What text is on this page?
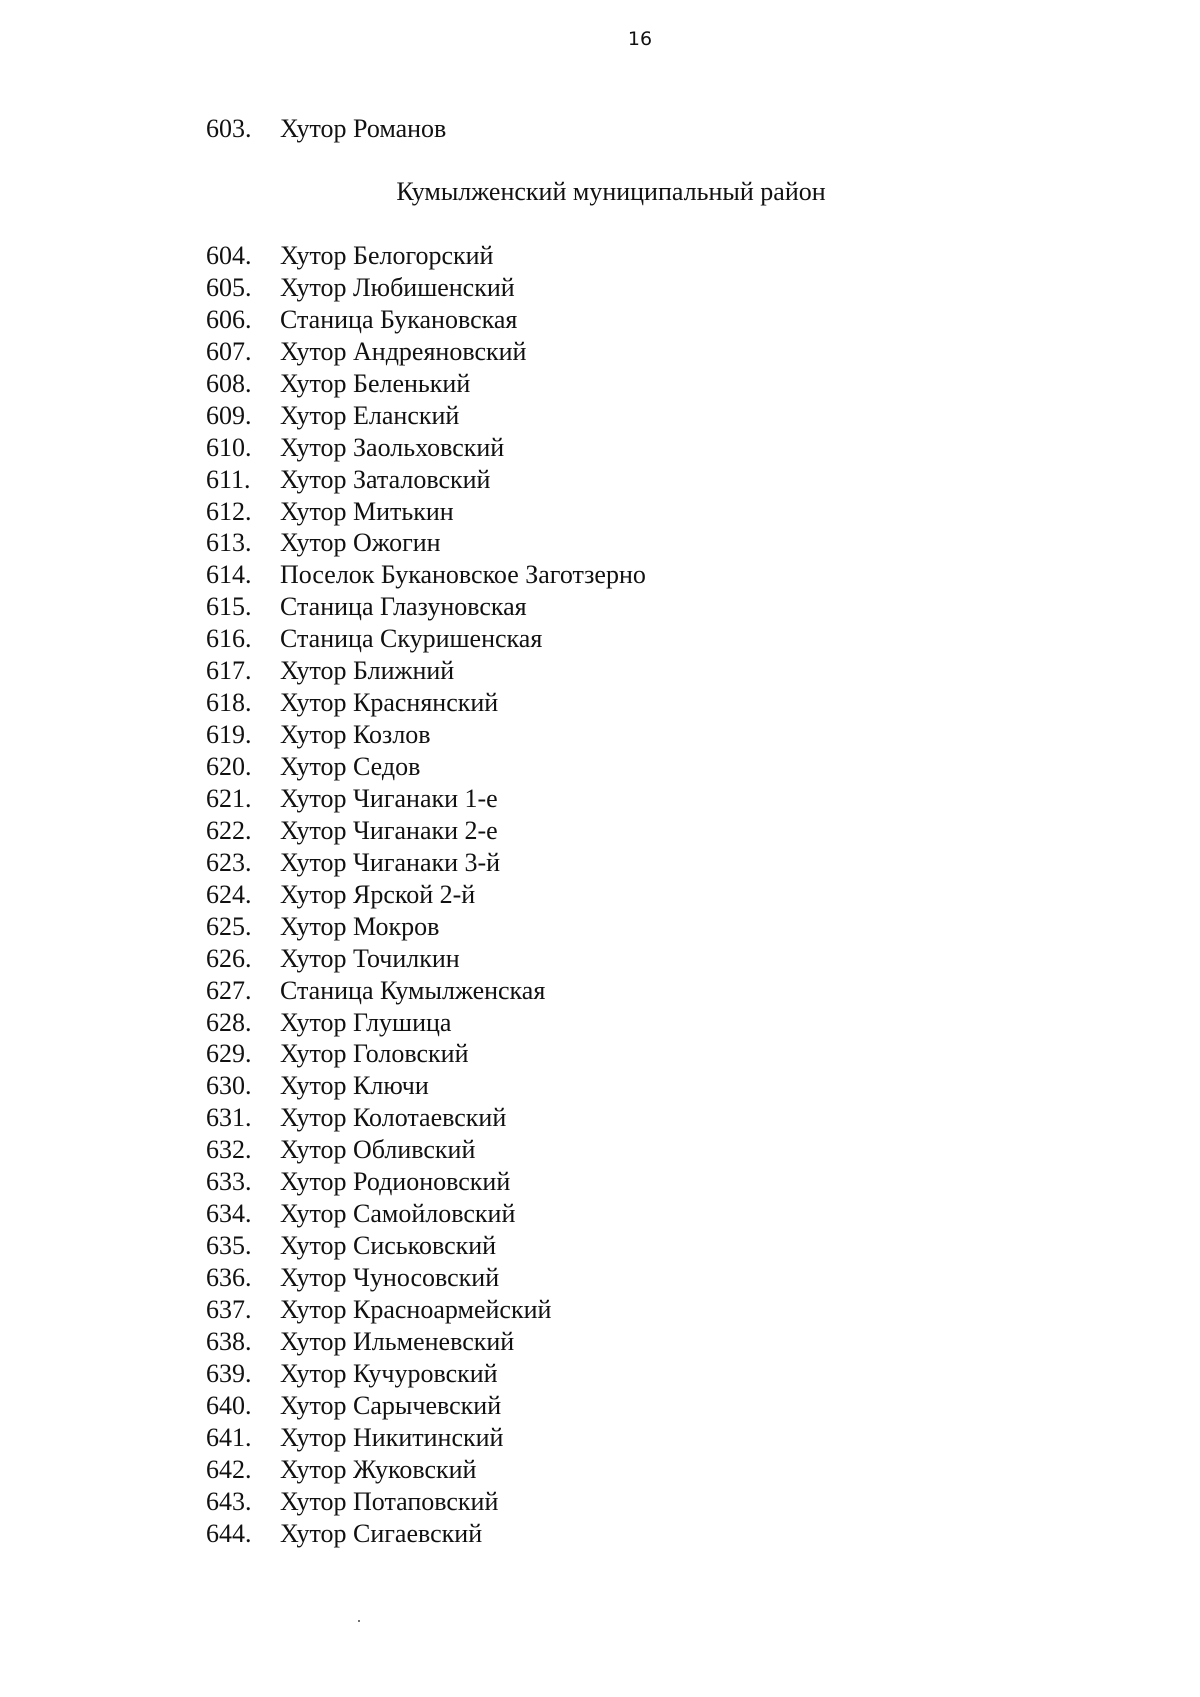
16
603. Хутор Романов
Кумылженский муниципальный район
604. Хутор Белогорский
605. Хутор Любишенский
606. Станица Букановская
607. Хутор Андреяновский
608. Хутор Беленький
609. Хутор Еланский
610. Хутор Заольховский
611. Хутор Заталовский
612. Хутор Митькин
613. Хутор Ожогин
614. Поселок Букановское Заготзерно
615. Станица Глазуновская
616. Станица Скуришенская
617. Хутор Ближний
618. Хутор Краснянский
619. Хутор Козлов
620. Хутор Седов
621. Хутор Чиганаки 1-е
622. Хутор Чиганаки 2-е
623. Хутор Чиганаки 3-й
624. Хутор Ярской 2-й
625. Хутор Мокров
626. Хутор Точилкин
627. Станица Кумылженская
628. Хутор Глушица
629. Хутор Головский
630. Хутор Ключи
631. Хутор Колотаевский
632. Хутор Обливский
633. Хутор Родионовский
634. Хутор Самойловский
635. Хутор Сиськовский
636. Хутор Чуносовский
637. Хутор Красноармейский
638. Хутор Ильменевский
639. Хутор Кучуровский
640. Хутор Сарычевский
641. Хутор Никитинский
642. Хутор Жуковский
643. Хутор Потаповский
644. Хутор Сигаевский
